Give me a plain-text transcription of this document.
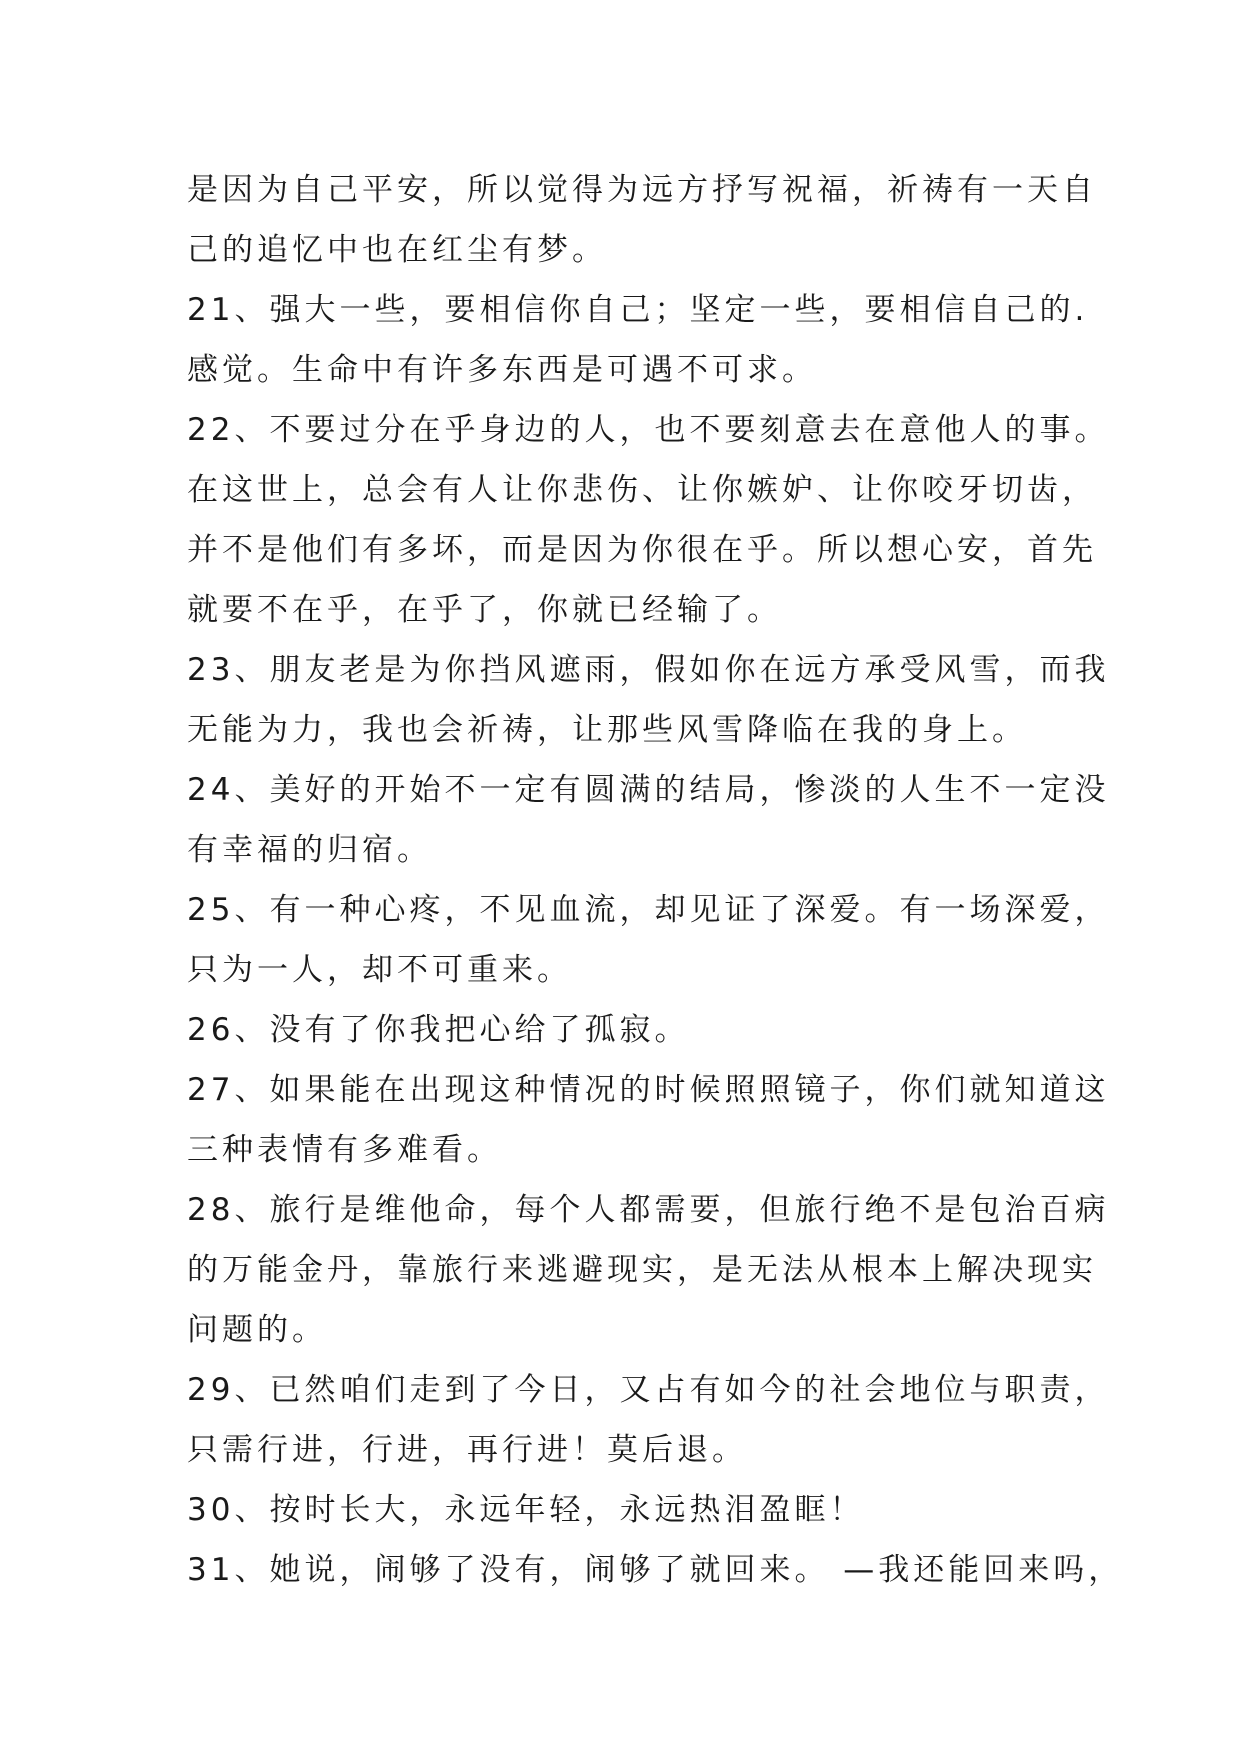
是因为自己平安，所以觉得为远方抒写祝福，祈祷有一天自
己的追忆中也在红尘有梦。
21、强大一些，要相信你自己；坚定一些，要相信自己的.
感觉。生命中有许多东西是可遇不可求。
22、不要过分在乎身边的人，也不要刻意去在意他人的事。
在这世上，总会有人让你悲伤、让你嫉妒、让你咬牙切齿，
并不是他们有多坏，而是因为你很在乎。所以想心安，首先
就要不在乎，在乎了，你就已经输了。
23、朋友老是为你挡风遮雨，假如你在远方承受风雪，而我
无能为力，我也会祈祷，让那些风雪降临在我的身上。
24、美好的开始不一定有圆满的结局，惨淡的人生不一定没
有幸福的归宿。
25、有一种心疼，不见血流，却见证了深爱。有一场深爱，
只为一人，却不可重来。
26、没有了你我把心给了孤寂。
27、如果能在出现这种情况的时候照照镜子，你们就知道这
三种表情有多难看。
28、旅行是维他命，每个人都需要，但旅行绝不是包治百病
的万能金丹，靠旅行来逃避现实，是无法从根本上解决现实
问题的。
29、已然咱们走到了今日，又占有如今的社会地位与职责，
只需行进，行进，再行进！莫后退。
30、按时长大，永远年轻，永远热泪盈眶！
31、她说，闹够了没有，闹够了就回来。 —我还能回来吗，
